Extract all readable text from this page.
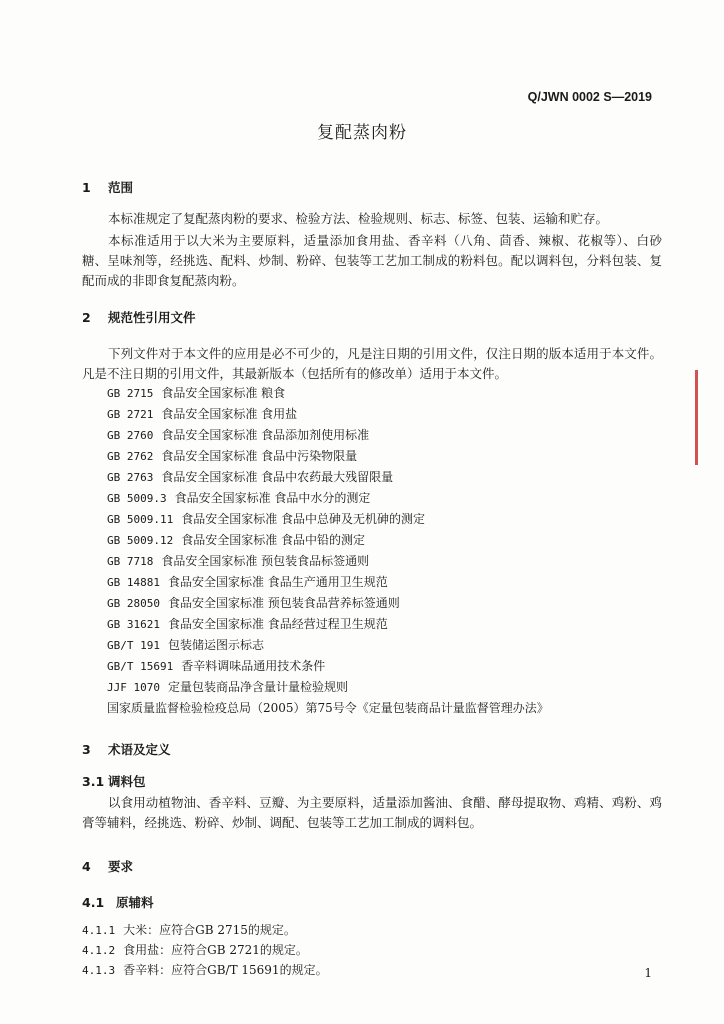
Q/JWN 0002 S—2019
复配蒸肉粉
1 范围
本标准规定了复配蒸肉粉的要求、检验方法、检验规则、标志、标签、包装、运输和贮存。
本标准适用于以大米为主要原料，适量添加食用盐、香辛料（八角、茴香、辣椒、花椒等）、白砂糖、呈味剂等，经挑选、配料、炒制、粉碎、包装等工艺加工制成的粉料包。配以调料包，分料包装、复配而成的非即食复配蒸肉粉。
2 规范性引用文件
下列文件对于本文件的应用是必不可少的，凡是注日期的引用文件，仅注日期的版本适用于本文件。凡是不注日期的引用文件，其最新版本（包括所有的修改单）适用于本文件。
GB 2715 食品安全国家标准 粮食
GB 2721 食品安全国家标准 食用盐
GB 2760 食品安全国家标准 食品添加剂使用标准
GB 2762 食品安全国家标准 食品中污染物限量
GB 2763 食品安全国家标准 食品中农药最大残留限量
GB 5009.3 食品安全国家标准 食品中水分的测定
GB 5009.11 食品安全国家标准 食品中总砷及无机砷的测定
GB 5009.12 食品安全国家标准 食品中铅的测定
GB 7718 食品安全国家标准 预包装食品标签通则
GB 14881 食品安全国家标准 食品生产通用卫生规范
GB 28050 食品安全国家标准 预包装食品营养标签通则
GB 31621 食品安全国家标准 食品经营过程卫生规范
GB/T 191 包装储运图示标志
GB/T 15691 香辛料调味品通用技术条件
JJF 1070 定量包装商品净含量计量检验规则
国家质量监督检验检疫总局（2005）第75号令《定量包装商品计量监督管理办法》
3 术语及定义
3.1 调料包
以食用动植物油、香辛料、豆瓣、为主要原料，适量添加酱油、食醋、酵母提取物、鸡精、鸡粉、鸡膏等辅料，经挑选、粉碎、炒制、调配、包装等工艺加工制成的调料包。
4 要求
4.1 原辅料
4.1.1 大米：应符合GB 2715的规定。
4.1.2 食用盐：应符合GB 2721的规定。
4.1.3 香辛料：应符合GB/T 15691的规定。	1
